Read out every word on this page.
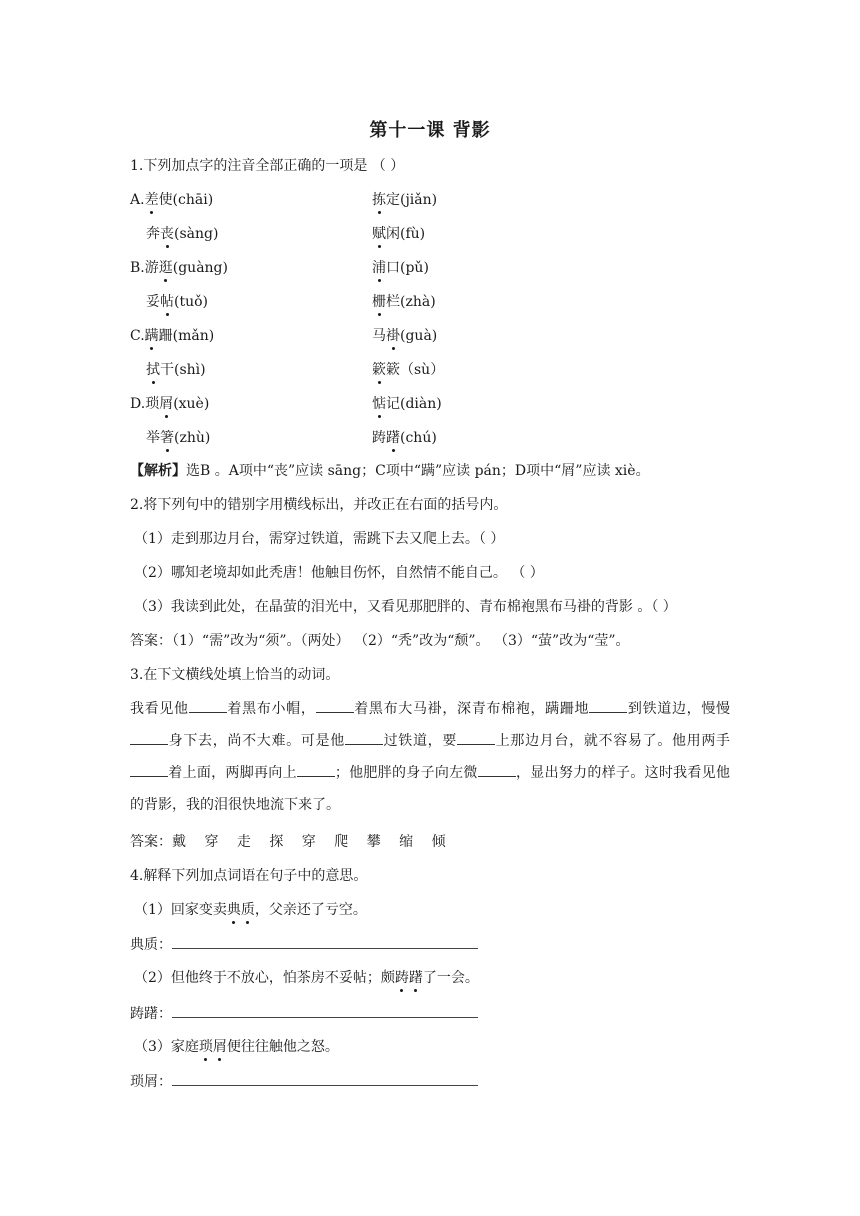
第十一课 背影
1.下列加点字的注音全部正确的一项是 （ ）
A.差使(chāi)	拣定(jiǎn)
奔丧(sàng)	赋闲(fù)
B.游逛(guàng)	浦口(pǔ)
妥帖(tuǒ)	栅栏(zhà)
C.蹒跚(mǎn)	马褂(guà)
拭干(shì)	簌簌（sù）
D.琐屑(xuè)	惦记(diàn)
举箸(zhù)	踌躇(chú)
【解析】选B 。A项中“丧”应读 sāng；C项中“蹒”应读 pán；D项中“屑”应读 xiè。
2.将下列句中的错别字用横线标出，并改正在右面的括号内。
（1）走到那边月台，需穿过铁道，需跳下去又爬上去。（ ）
（2）哪知老境却如此秃唐！他触目伤怀，自然情不能自己。 （ ）
（3）我读到此处，在晶萤的泪光中，又看见那肥胖的、青布棉袍黑布马褂的背影 。（ ）
答案：（1）“需”改为“须”。（两处） （2）“秃”改为“颓”。 （3）“萤”改为“莹”。
3.在下文横线处填上恰当的动词。
我看见他	着黑布小帽，	着黑布大马褂，深青布棉袍，蹒跚地	到铁道边，慢慢身下去，尚不大难。可是他	过铁道，要	上那边月台，就不容易了。他用两手着上面，两脚再向上	；他肥胖的身子向左微	，显出努力的样子。这时我看见他的背影，我的泪很快地流下来了。
答案：戴 穿 走 探 穿 爬 攀 缩 倾
4.解释下列加点词语在句子中的意思。
（1）回家变卖典质，父亲还了亏空。
典质：
（2）但他终于不放心，怕茶房不妥帖；颇踌躇了一会。
踌躇：
（3）家庭琐屑便往往触他之怒。
琐屑：
